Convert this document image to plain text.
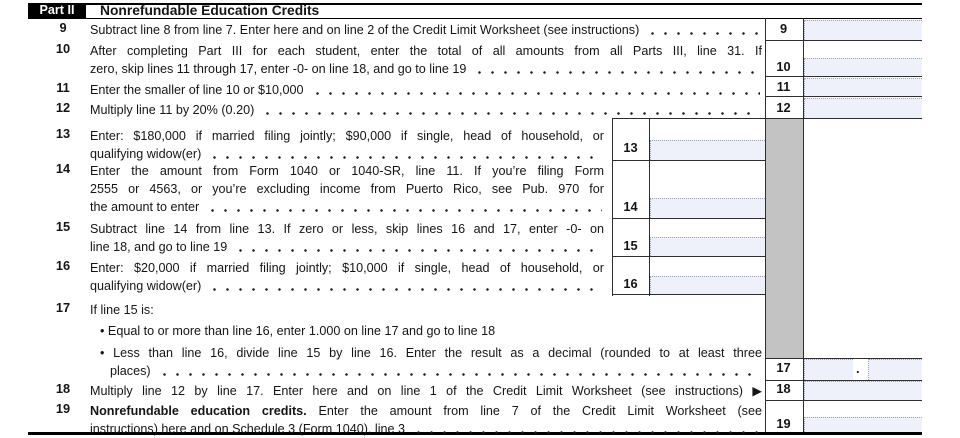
Part II	Nonrefundable Education Credits
.
9
10
11
12
13
14
15
16
17
18
19
9
10
11
12
13
14
15
16
17
18
19
Subtract line 8 from line 7. Enter here and on line 2 of the Credit Limit Worksheet (see instructions)
After completing Part III for each student, enter the total of all amounts from all Parts III, line 31. If
zero, skip lines 11 through 17, enter -0- on line 18, and go to line 19
Enter the smaller of line 10 or $10,000
Multiply line 11 by 20% (0.20)
Enter: $180,000 if married filing jointly; $90,000 if single, head of household, or
qualifying widow(er)
Enter the amount from Form 1040 or 1040-SR, line 11. If you’re filing Form
2555 or 4563, or you’re excluding income from Puerto Rico, see Pub. 970 for
the amount to enter
Subtract line 14 from line 13. If zero or less, skip lines 16 and 17, enter -0- on
line 18, and go to line 19
Enter: $20,000 if married filing jointly; $10,000 if single, head of household, or
qualifying widow(er)
If line 15 is:
• Equal to or more than line 16, enter 1.000 on line 17 and go to line 18
• Less than line 16, divide line 15 by line 16. Enter the result as a decimal (rounded to at least three
places)
Multiply line 12 by line 17. Enter here and on line 1 of the Credit Limit Worksheet (see instructions) ▶
Nonrefundable education credits. Enter the amount from line 7 of the Credit Limit Worksheet (see
instructions) here and on Schedule 3 (Form 1040), line 3
